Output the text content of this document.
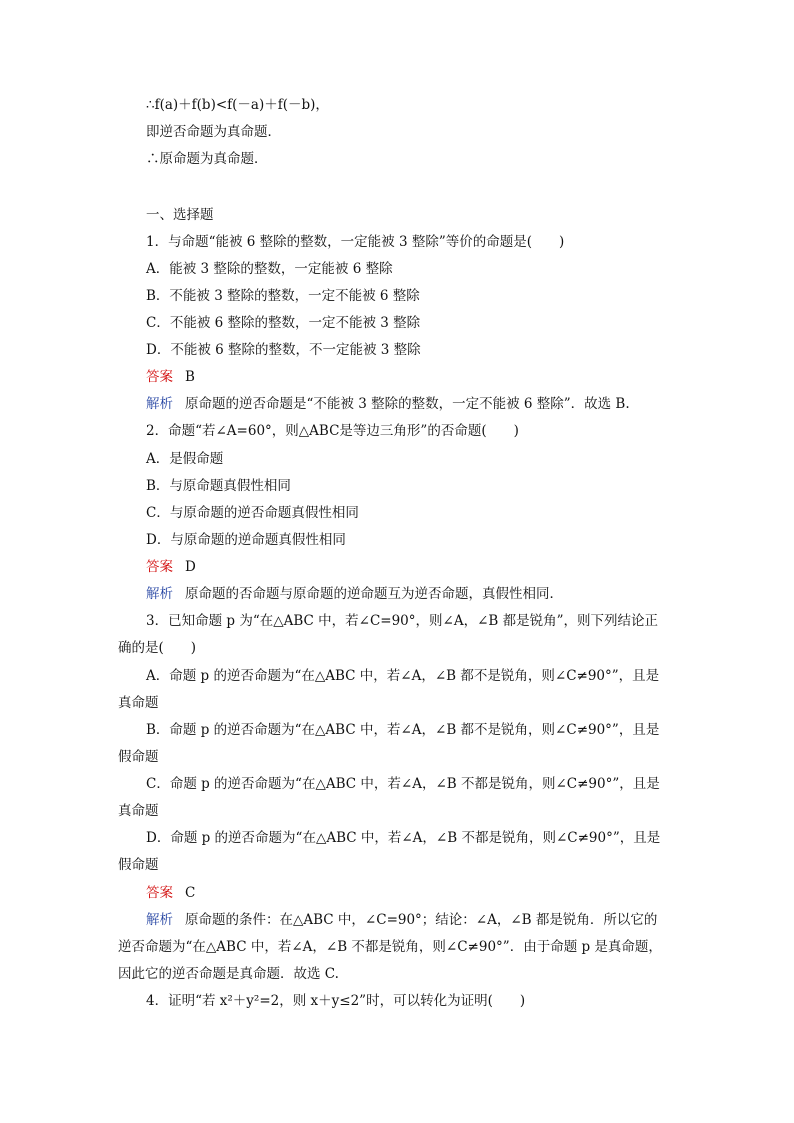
∴f(a)＋f(b)<f(－a)＋f(－b)，
即逆否命题为真命题．
∴原命题为真命题．
一、选择题
1．与命题“能被 6 整除的整数，一定能被 3 整除”等价的命题是(　　)
A．能被 3 整除的整数，一定能被 6 整除
B．不能被 3 整除的整数，一定不能被 6 整除
C．不能被 6 整除的整数，一定不能被 3 整除
D．不能被 6 整除的整数，不一定能被 3 整除
答案 B
解析 原命题的逆否命题是“不能被 3 整除的整数，一定不能被 6 整除”．故选 B.
2．命题“若∠A=60°，则△ABC是等边三角形”的否命题(　　)
A．是假命题
B．与原命题真假性相同
C．与原命题的逆否命题真假性相同
D．与原命题的逆命题真假性相同
答案 D
解析 原命题的否命题与原命题的逆命题互为逆否命题，真假性相同．
3．已知命题 p 为“在△ABC 中，若∠C=90°，则∠A，∠B 都是锐角”，则下列结论正
确的是(　　)
A．命题 p 的逆否命题为“在△ABC 中，若∠A，∠B 都不是锐角，则∠C≠90°”，且是
真命题
B．命题 p 的逆否命题为“在△ABC 中，若∠A，∠B 都不是锐角，则∠C≠90°”，且是
假命题
C．命题 p 的逆否命题为“在△ABC 中，若∠A，∠B 不都是锐角，则∠C≠90°”，且是
真命题
D．命题 p 的逆否命题为“在△ABC 中，若∠A，∠B 不都是锐角，则∠C≠90°”，且是
假命题
答案 C
解析 原命题的条件：在△ABC 中，∠C=90°；结论：∠A，∠B 都是锐角．所以它的
逆否命题为“在△ABC 中，若∠A，∠B 不都是锐角，则∠C≠90°”．由于命题 p 是真命题，
因此它的逆否命题是真命题．故选 C.
4．证明“若 x²＋y²=2，则 x＋y≤2”时，可以转化为证明(　　)
